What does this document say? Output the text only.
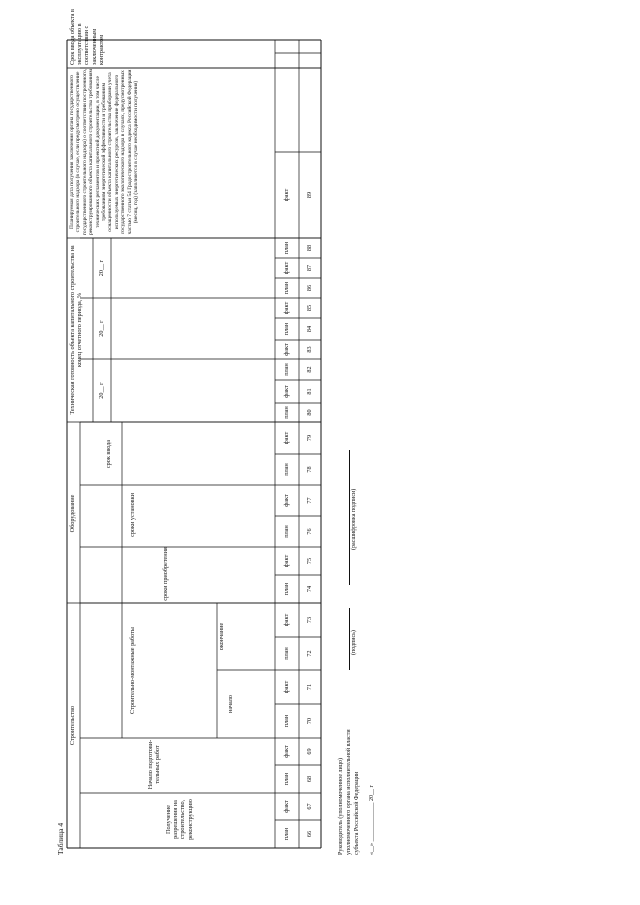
Таблица 4
Строительство
Получение разрешения на строительство, реконструкцию
Начало подготови-тельных работ
Строительно-монтажные работы	начало
окончание
Оборудование
сроки приобретения
сроки установки
срок ввода
Техническая готовность объекта капитального строительства на конец отчетного периода, %
20__ г
20__ г
20__ г
Планируемая дата получения заключения органа государственного строительного надзора (в случае, если предусмотрено осуществление государственного строительного надзора) о соответствии построенного, реконструированного объекта капитального строительства требованиям технических регламентов и проектной документации, в том числе требованиям энергетической эффективности и требованиям оснащенности объекта капитального строительства приборами учета используемых энергетических ресурсов, заключение федерального государственного экологического надзора в случаях, предусмотренных частью 7 статьи 54 Градостроительного кодекса Российской Федерации (месяц, год) (заполняется в случае необходимости получения)
Срок ввода объекта в эксплуатацию в соответствии с заключенным контрактом
план
факт
план
факт
план
факт
план
факт
план
факт
план
факт
план
факт
план
факт
план
факт
план
факт
план
факт
план
факт
66
67
68
69
70
71
72
73
74
75
76
77
78
79
80
81
82
83
84
85
86
87
88
89
Руководитель (уполномоченное лицо) уполномоченного органа исполнительной власти субъекта Российской Федерации
(подпись)
(расшифровка подписи)
«__» _____________ 20__ г
